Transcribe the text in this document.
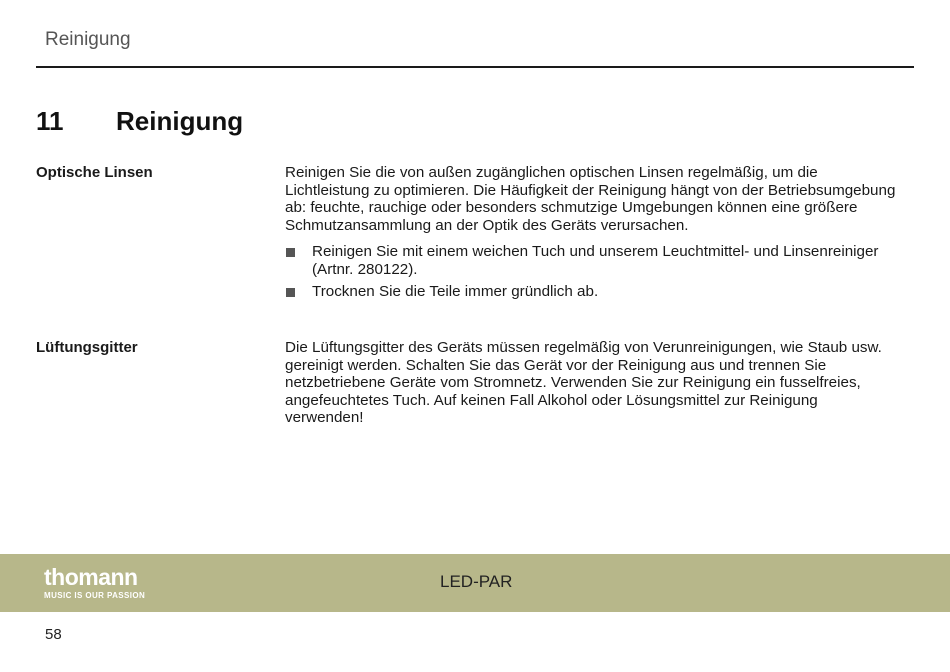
Reinigung
11 Reinigung
Optische Linsen	Reinigen Sie die von außen zugänglichen optischen Linsen regelmäßig, um die Lichtleistung zu optimieren. Die Häufigkeit der Reinigung hängt von der Betriebsumgebung ab: feuchte, rauchige oder besonders schmutzige Umgebungen können eine größere Schmutzansammlung an der Optik des Geräts verursachen.

Reinigen Sie mit einem weichen Tuch und unserem Leuchtmittel- und Linsenreiniger (Artnr. 280122).
Trocknen Sie die Teile immer gründlich ab.
Lüftungsgitter	Die Lüftungsgitter des Geräts müssen regelmäßig von Verunreinigungen, wie Staub usw. gereinigt werden. Schalten Sie das Gerät vor der Reinigung aus und trennen Sie netzbetriebene Geräte vom Stromnetz. Verwenden Sie zur Reinigung ein fusselfreies, angefeuchtetes Tuch. Auf keinen Fall Alkohol oder Lösungsmittel zur Reinigung verwenden!

thomann
MUSIC IS OUR PASSION
LED-PAR
58
